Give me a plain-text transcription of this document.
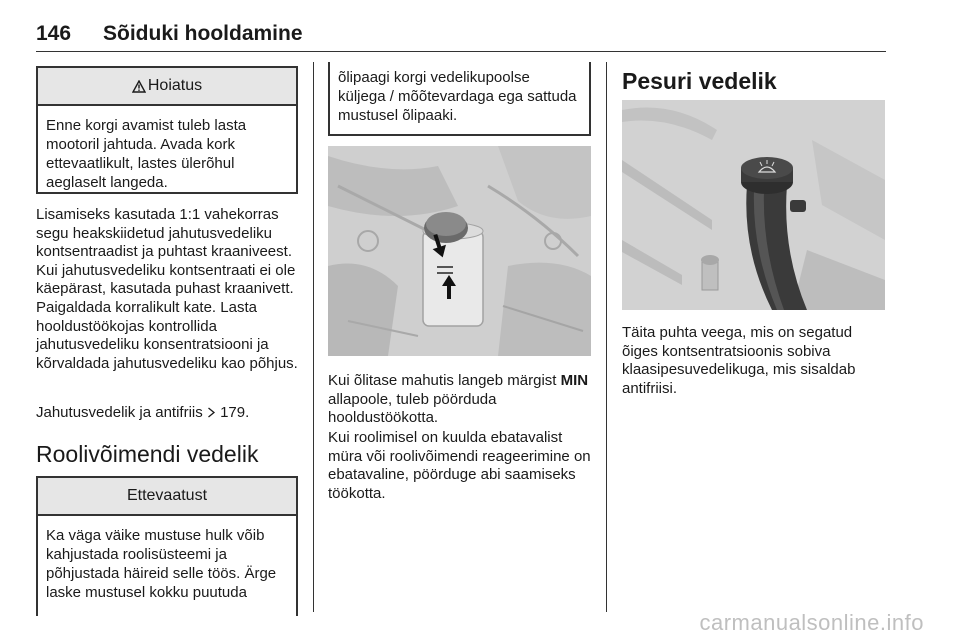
146 Sõiduki hooldamine
Hoiatus
Enne korgi avamist tuleb lasta mootoril jahtuda. Avada kork ettevaatlikult, lastes ülerõhul aeglaselt langeda.

Lisamiseks kasutada 1:1 vahekorras segu heakskiidetud jahutusvedeliku kontsentraadist ja puhtast kraaniveest. Kui jahutusvedeliku kontsentraati ei ole käepärast, kasutada puhast kraanivett. Paigaldada korralikult kate. Lasta hooldustöökojas kontrollida jahutusvedeliku konsentratsiooni ja kõrvaldada jahutusvedeliku kao põhjus.

Jahutusvedelik ja antifriis  179.

Roolivõimendi vedelik
Ettevaatust
Ka väga väike mustuse hulk võib kahjustada roolisüsteemi ja põhjustada häireid selle töös. Ärge laske mustusel kokku puutuda
õlipaagi korgi vedelikupoolse küljega / mõõtevardaga ega sattuda mustusel õlipaaki.

Kui õlitase mahutis langeb märgist MIN allapoole, tuleb pöörduda hooldustöökotta.

Kui roolimisel on kuulda ebatavalist müra või roolivõimendi reageerimine on ebatavaline, pöörduge abi saamiseks töökotta.

Pesuri vedelik

Täita puhta veega, mis on segatud õiges kontsentratsioonis sobiva klaasipesuvedelikuga, mis sisaldab antifriisi.

carmanualsonline.info
